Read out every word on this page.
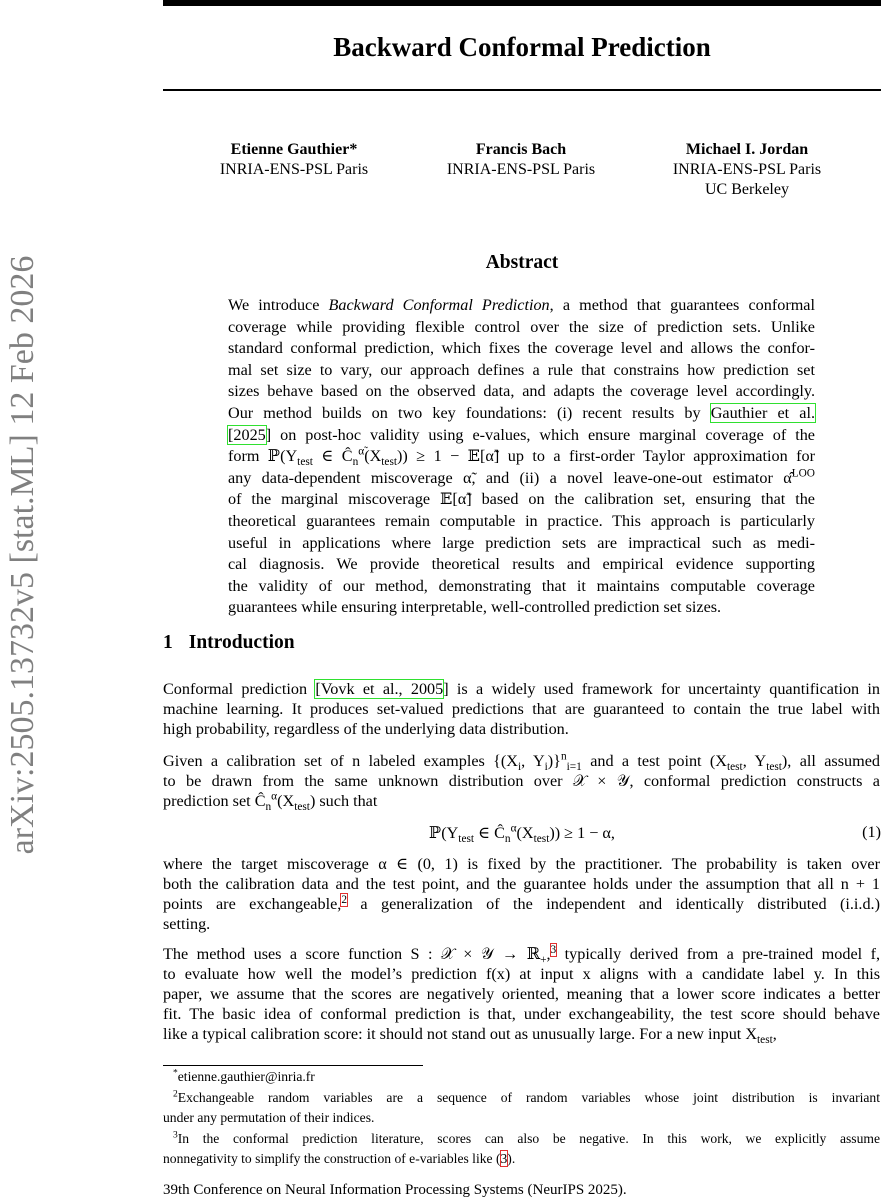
arXiv:2505.13732v5 [stat.ML] 12 Feb 2026
Backward Conformal Prediction
Etienne Gauthier*
INRIA-ENS-PSL Paris
Francis Bach
INRIA-ENS-PSL Paris
Michael I. Jordan
INRIA-ENS-PSL Paris
UC Berkeley
Abstract
We introduce Backward Conformal Prediction, a method that guarantees conformal
coverage while providing flexible control over the size of prediction sets. Unlike
standard conformal prediction, which fixes the coverage level and allows the confor-
mal set size to vary, our approach defines a rule that constrains how prediction set
sizes behave based on the observed data, and adapts the coverage level accordingly.
Our method builds on two key foundations: (i) recent results by Gauthier et al.
[2025] on post-hoc validity using e-values, which ensure marginal coverage of the
form $ℙ(Y_{test}$ ∈ $Ĉ_n^{\alphã}(X_{test})) \ge 1$ − 𝔼[α̃] up to a first-order Taylor approximation for
any data-dependent miscoverage α̃, and (ii) a novel leave-one-out estimator α̂$^{LOO}$
of the marginal miscoverage 𝔼[α̃] based on the calibration set, ensuring that the
theoretical guarantees remain computable in practice. This approach is particularly
useful in applications where large prediction sets are impractical such as medi-
cal diagnosis. We provide theoretical results and empirical evidence supporting
the validity of our method, demonstrating that it maintains computable coverage
guarantees while ensuring interpretable, well-controlled prediction set sizes.
1 Introduction
Conformal prediction [Vovk et al., 2005] is a widely used framework for uncertainty quantification in
machine learning. It produces set-valued predictions that are guaranteed to contain the true label with
high probability, regardless of the underlying data distribution.
Given a calibration set of n labeled examples {($X_i$, $Y_i)\}^n_{i=1}$ and a test point ($X_{test}$, $Y_{test}$), all assumed
to be drawn from the same unknown distribution over 𝒳 × 𝒴, conformal prediction constructs a
prediction set $Ĉ_n^\alpha(X_{test})$ such that
$ℙ(Y_{test}$ ∈ $Ĉ_n^\alpha(X_{test})) \ge 1 - \alpha$,	(1)
where the target miscoverage α ∈ (0, 1) is fixed by the practitioner. The probability is taken over
both the calibration data and the test point, and the guarantee holds under the assumption that all n + 1
points are exchangeable,$^2$ a generalization of the independent and identically distributed (i.i.d.)
setting.
The method uses a score function S : 𝒳 × 𝒴 → ℝ$_+$,$^3$ typically derived from a pre-trained model f,
to evaluate how well the model’s prediction f(x) at input x aligns with a candidate label y. In this
paper, we assume that the scores are negatively oriented, meaning that a lower score indicates a better
fit. The basic idea of conformal prediction is that, under exchangeability, the test score should behave
like a typical calibration score: it should not stand out as unusually large. For a new input $X_{test}$,
*etienne.gauthier@inria.fr
$^2$Exchangeable random variables are a sequence of random variables whose joint distribution is invariant
under any permutation of their indices.
$^3$In the conformal prediction literature, scores can also be negative. In this work, we explicitly assume
nonnegativity to simplify the construction of e-variables like (3).
39th Conference on Neural Information Processing Systems (NeurIPS 2025).
